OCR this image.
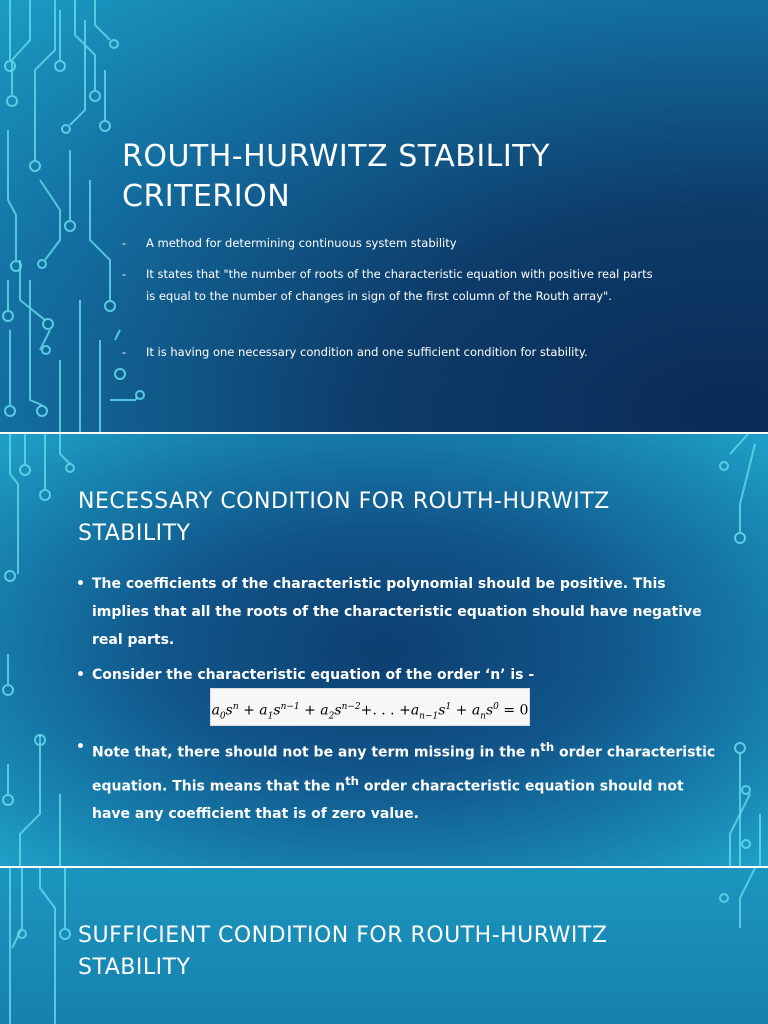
ROUTH-HURWITZ STABILITY CRITERION
-	A method for determining continuous system stability
-	It states that "the number of roots of the characteristic equation with positive real parts is equal to the number of changes in sign of the first column of the Routh array".
-	It is having one necessary condition and one sufficient condition for stability.
NECESSARY CONDITION FOR ROUTH-HURWITZ STABILITY
• The coefficients of the characteristic polynomial should be positive. This implies that all the roots of the characteristic equation should have negative real parts.
• Consider the characteristic equation of the order ‘n’ is -
$a_0s^n + a_1s^{n-1} + a_2s^{n-2}+$. . . $+a_{n-1}s^1 + a_ns^0 = 0$
• Note that, there should not be any term missing in the $n^{th}$ order characteristic equation. This means that the $n^{th}$ order characteristic equation should not have any coefficient that is of zero value.
SUFFICIENT CONDITION FOR ROUTH-HURWITZ STABILITY
